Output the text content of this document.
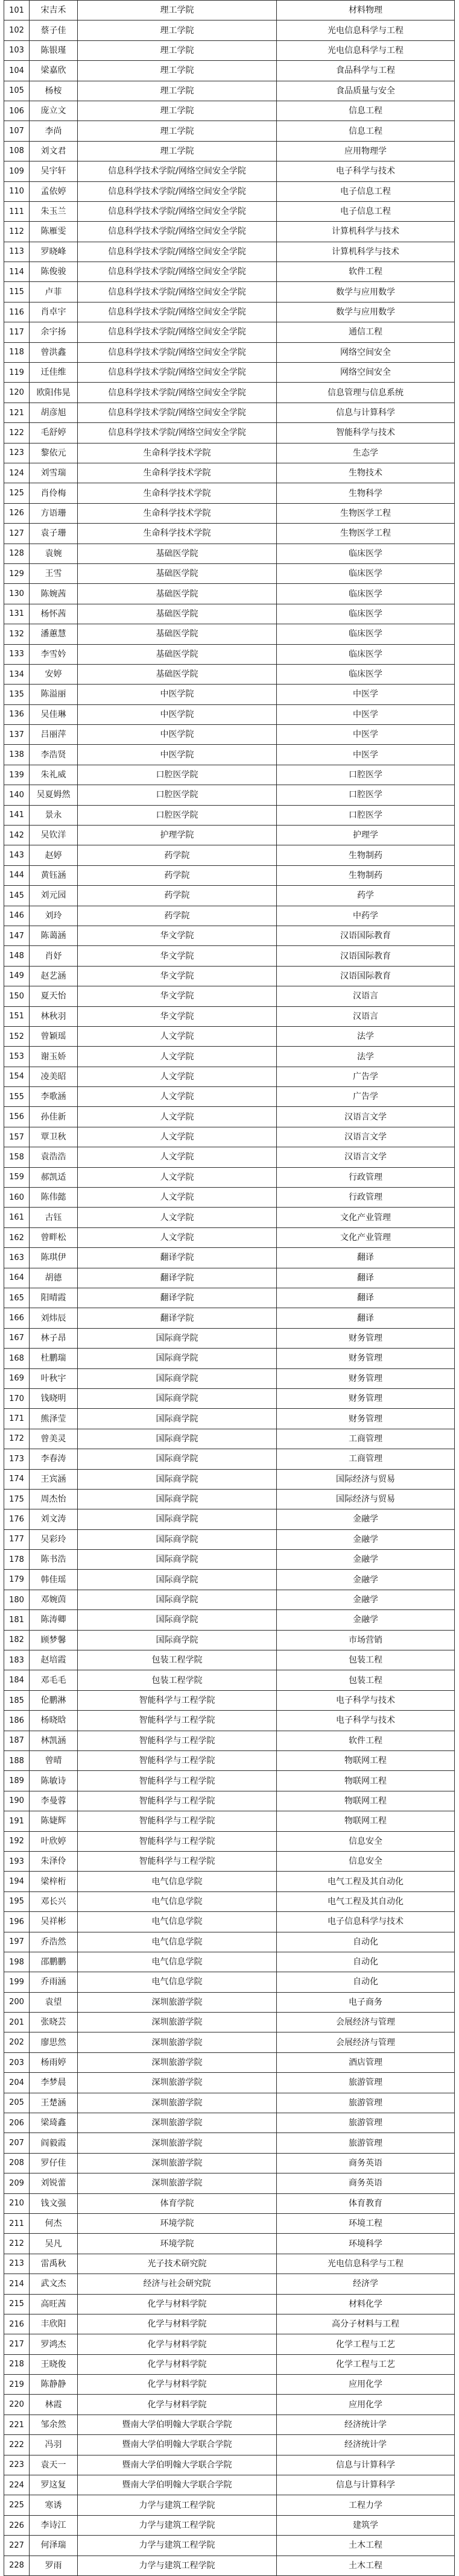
101	宋吉禾	理工学院	材料物理
102	蔡子佳	理工学院	光电信息科学与工程
103	陈银瑾	理工学院	光电信息科学与工程
104	梁嘉欣	理工学院	食品科学与工程
105	杨桉	理工学院	食品质量与安全
106	庞立文	理工学院	信息工程
107	李尚	理工学院	信息工程
108	刘文君	理工学院	应用物理学
109	吴宇轩	信息科学技术学院/网络空间安全学院	电子科学与技术
110	孟依婷	信息科学技术学院/网络空间安全学院	电子信息工程
111	朱玉兰	信息科学技术学院/网络空间安全学院	电子信息工程
112	陈雁雯	信息科学技术学院/网络空间安全学院	计算机科学与技术
113	罗晓峰	信息科学技术学院/网络空间安全学院	计算机科学与技术
114	陈俊骏	信息科学技术学院/网络空间安全学院	软件工程
115	卢菲	信息科学技术学院/网络空间安全学院	数学与应用数学
116	肖卓宇	信息科学技术学院/网络空间安全学院	数学与应用数学
117	余宇扬	信息科学技术学院/网络空间安全学院	通信工程
118	曾洪鑫	信息科学技术学院/网络空间安全学院	网络空间安全
119	迁佳维	信息科学技术学院/网络空间安全学院	网络空间安全
120	欧阳伟晃	信息科学技术学院/网络空间安全学院	信息管理与信息系统
121	胡彦旭	信息科学技术学院/网络空间安全学院	信息与计算科学
122	毛舒婷	信息科学技术学院/网络空间安全学院	智能科学与技术
123	黎依元	生命科学技术学院	生态学
124	刘雪瑞	生命科学技术学院	生物技术
125	肖伶梅	生命科学技术学院	生物科学
126	方语珊	生命科学技术学院	生物医学工程
127	袁子珊	生命科学技术学院	生物医学工程
128	袁婉	基础医学院	临床医学
129	王雪	基础医学院	临床医学
130	陈婉茜	基础医学院	临床医学
131	杨怀茜	基础医学院	临床医学
132	潘蕙慧	基础医学院	临床医学
133	李雪妗	基础医学院	临床医学
134	安婷	基础医学院	临床医学
135	陈溢丽	中医学院	中医学
136	吴佳琳	中医学院	中医学
137	吕丽萍	中医学院	中医学
138	李浩贤	中医学院	中医学
139	朱礼威	口腔医学院	口腔医学
140	吴夏姆然	口腔医学院	口腔医学
141	景永	口腔医学院	口腔医学
142	吴钦洋	护理学院	护理学
143	赵婷	药学院	生物制药
144	黄钰涵	药学院	生物制药
145	刘元园	药学院	药学
146	刘玲	药学院	中药学
147	陈蔼涵	华文学院	汉语国际教育
148	肖妤	华文学院	汉语国际教育
149	赵艺涵	华文学院	汉语国际教育
150	夏天怡	华文学院	汉语言
151	林秋羽	华文学院	汉语言
152	曾颖瑶	人文学院	法学
153	谢玉娇	人文学院	法学
154	凌美昭	人文学院	广告学
155	李歌涵	人文学院	广告学
156	孙佳新	人文学院	汉语言文学
157	覃卫秋	人文学院	汉语言文学
158	袁浩浩	人文学院	汉语言文学
159	郝凯适	人文学院	行政管理
160	陈伟懿	人文学院	行政管理
161	古钰	人文学院	文化产业管理
162	曾畔松	人文学院	文化产业管理
163	陈琪伊	翻译学院	翻译
164	胡德	翻译学院	翻译
165	阳晴霞	翻译学院	翻译
166	刘炜辰	翻译学院	翻译
167	林子昂	国际商学院	财务管理
168	杜鹏瑞	国际商学院	财务管理
169	叶秋宇	国际商学院	财务管理
170	钱晓明	国际商学院	财务管理
171	熊泽莹	国际商学院	财务管理
172	曾美灵	国际商学院	工商管理
173	李春涛	国际商学院	工商管理
174	王宾涵	国际商学院	国际经济与贸易
175	周杰怡	国际商学院	国际经济与贸易
176	刘文涛	国际商学院	金融学
177	吴彩玲	国际商学院	金融学
178	陈书浩	国际商学院	金融学
179	韩佳瑶	国际商学院	金融学
180	邓婉茵	国际商学院	金融学
181	陈涛卿	国际商学院	金融学
182	顾梦馨	国际商学院	市场营销
183	赵培霞	包装工程学院	包装工程
184	邓毛毛	包装工程学院	包装工程
185	伦鹏淋	智能科学与工程学院	电子科学与技术
186	杨晓晗	智能科学与工程学院	电子科学与技术
187	林凯涵	智能科学与工程学院	软件工程
188	曾晴	智能科学与工程学院	物联网工程
189	陈敏诗	智能科学与工程学院	物联网工程
190	李曼蓉	智能科学与工程学院	物联网工程
191	陈婕辉	智能科学与工程学院	物联网工程
192	叶欣婷	智能科学与工程学院	信息安全
193	朱泽伶	智能科学与工程学院	信息安全
194	梁梓桁	电气信息学院	电气工程及其自动化
195	邓长兴	电气信息学院	电气工程及其自动化
196	吴祥彬	电气信息学院	电子信息科学与技术
197	乔浩然	电气信息学院	自动化
198	邵鹏鹏	电气信息学院	自动化
199	乔雨涵	电气信息学院	自动化
200	袁望	深圳旅游学院	电子商务
201	张晓芸	深圳旅游学院	会展经济与管理
202	廖思然	深圳旅游学院	会展经济与管理
203	杨雨婷	深圳旅游学院	酒店管理
204	李梦晨	深圳旅游学院	旅游管理
205	王楚涵	深圳旅游学院	旅游管理
206	梁琦鑫	深圳旅游学院	旅游管理
207	阎毅霞	深圳旅游学院	旅游管理
208	罗仔佳	深圳旅游学院	商务英语
209	刘锐蕾	深圳旅游学院	商务英语
210	钱文强	体育学院	体育教育
211	何杰	环境学院	环境工程
212	吴凡	环境学院	环境科学
213	雷禹秋	光子技术研究院	光电信息科学与工程
214	武文杰	经济与社会研究院	经济学
215	高旺茜	化学与材料学院	材料化学
216	丰欣阳	化学与材料学院	高分子材料与工程
217	罗鸿杰	化学与材料学院	化学工程与工艺
218	王晓俊	化学与材料学院	化学工程与工艺
219	陈静静	化学与材料学院	应用化学
220	林霞	化学与材料学院	应用化学
221	邹余然	暨南大学伯明翰大学联合学院	经济统计学
222	冯羽	暨南大学伯明翰大学联合学院	经济统计学
223	袁天一	暨南大学伯明翰大学联合学院	信息与计算科学
224	罗这复	暨南大学伯明翰大学联合学院	信息与计算科学
225	寒诱	力学与建筑工程学院	工程力学
226	李诗江	力学与建筑工程学院	建筑学
227	何泽瑞	力学与建筑工程学院	土木工程
228	罗雨	力学与建筑工程学院	土木工程
